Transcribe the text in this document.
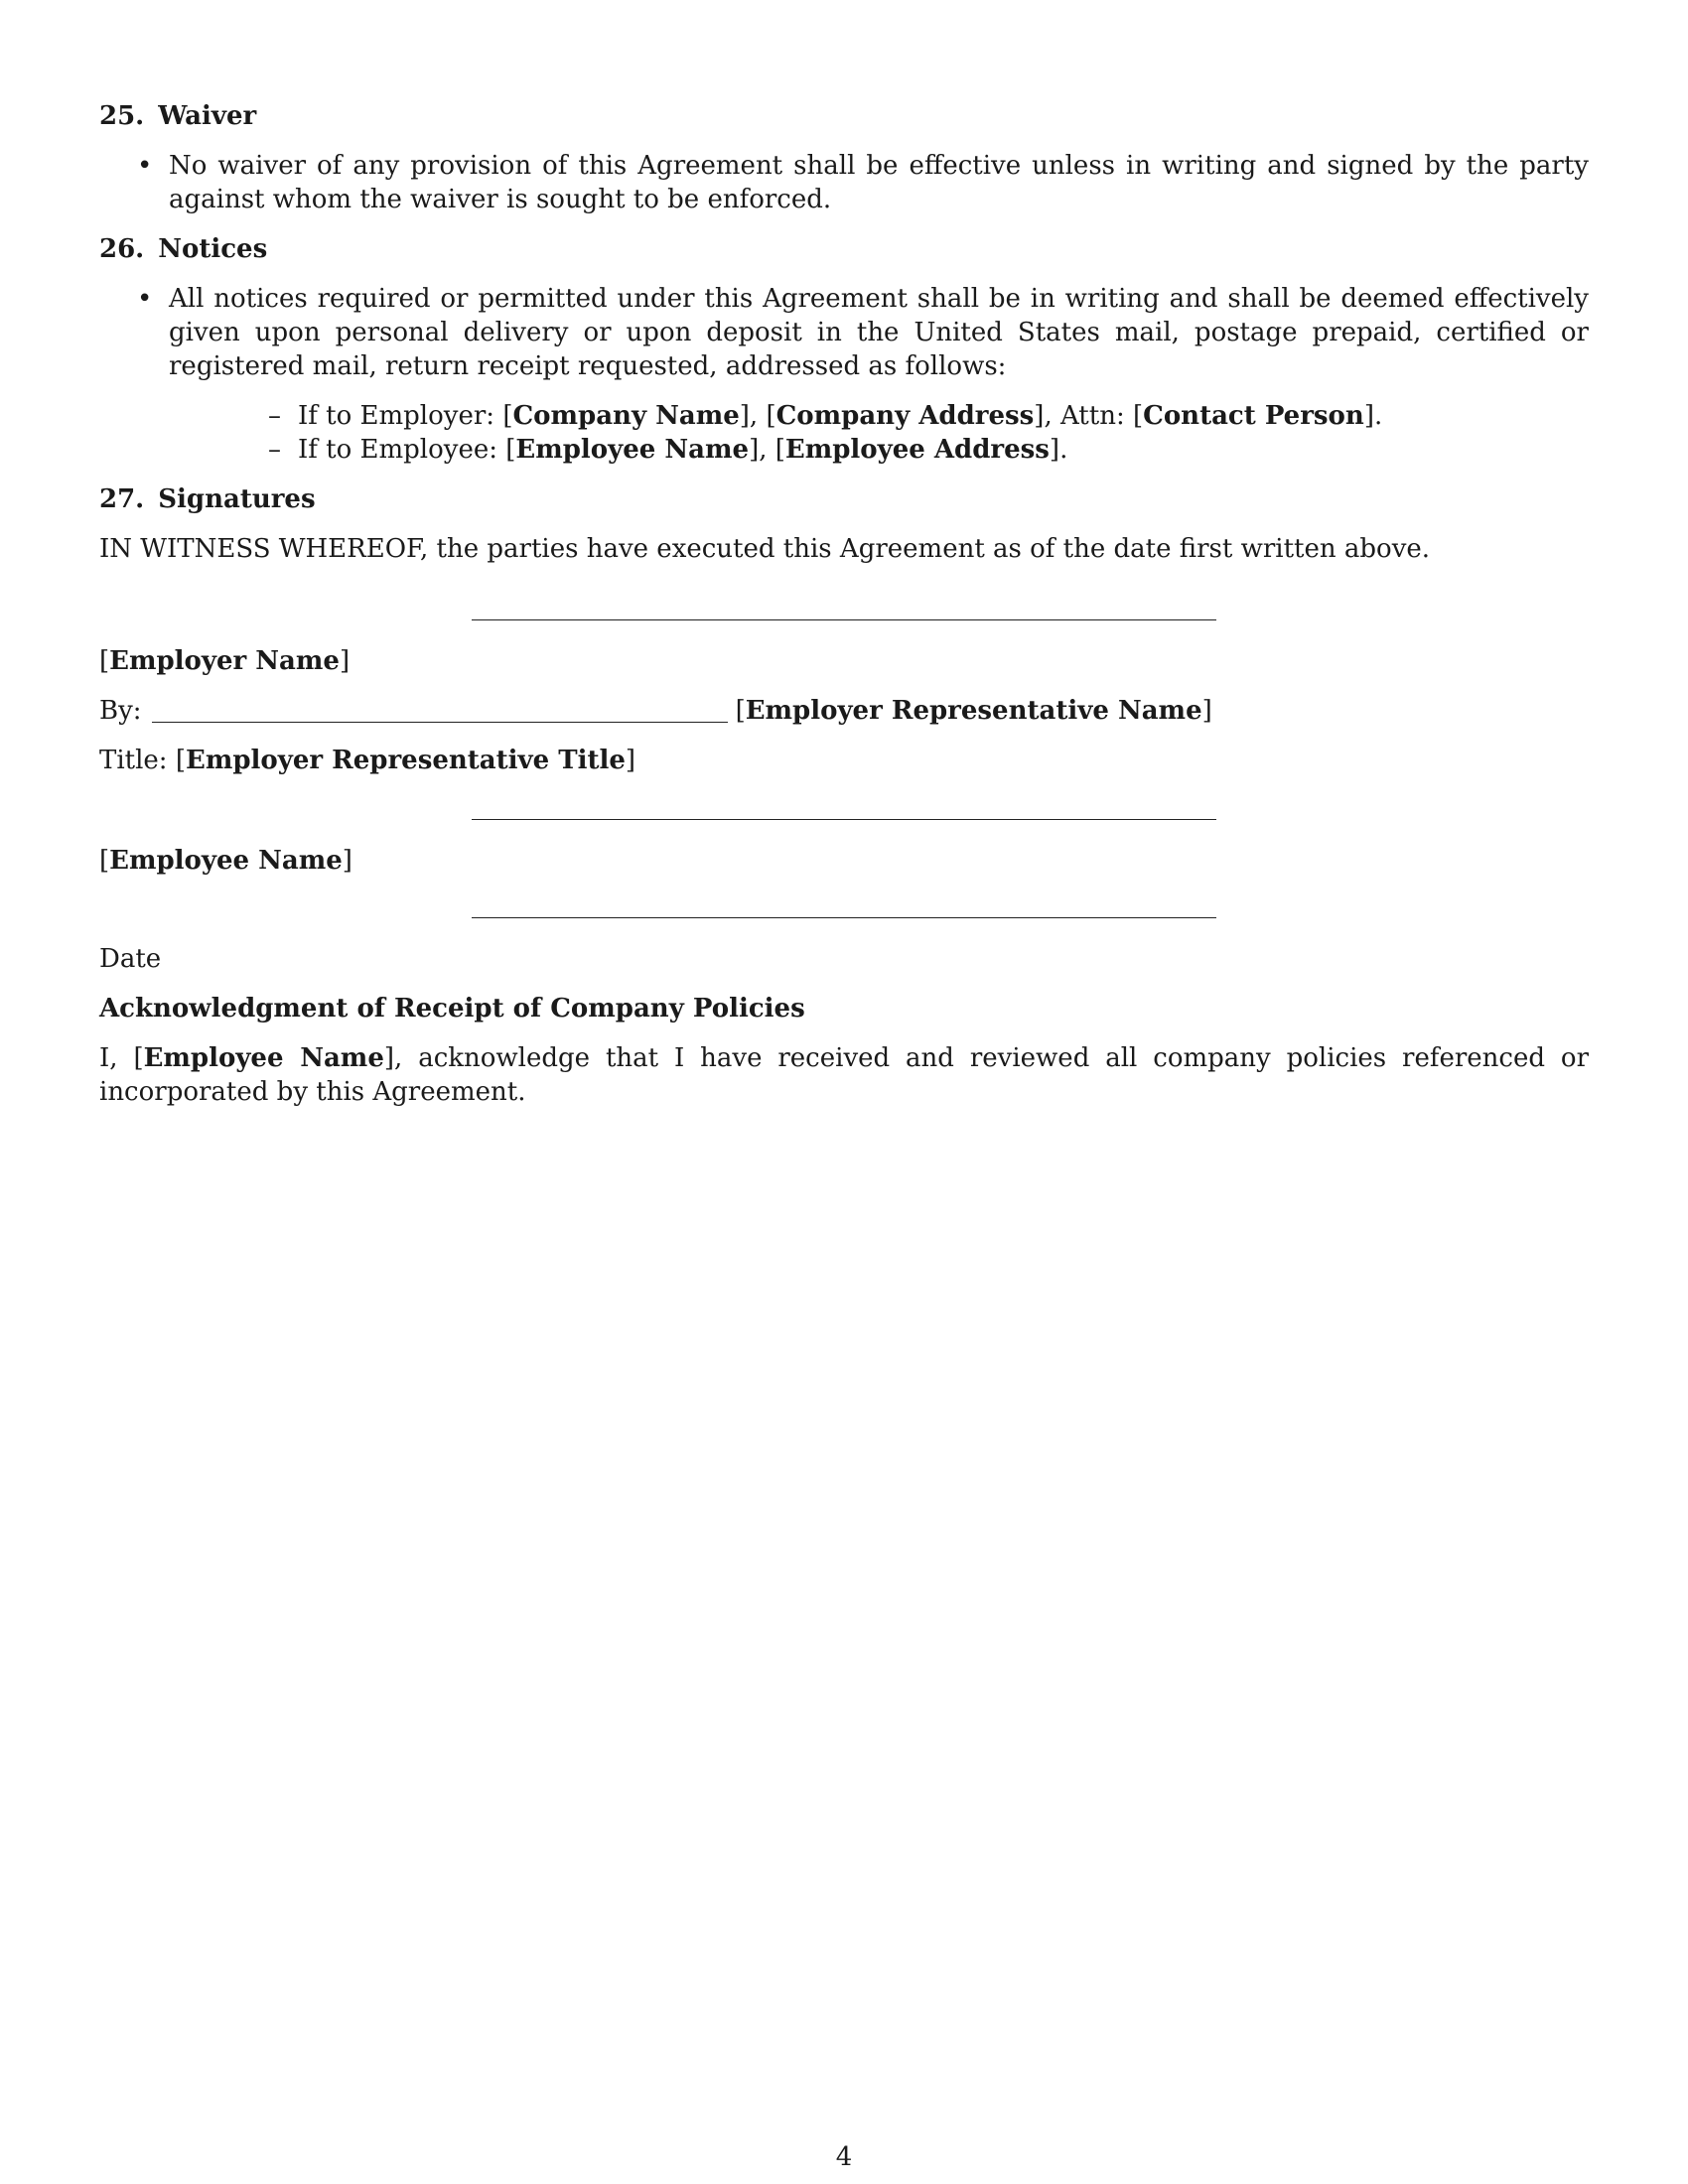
25. Waiver
• No waiver of any provision of this Agreement shall be effective unless in writing and signed by the party against whom the waiver is sought to be enforced.
26. Notices
• All notices required or permitted under this Agreement shall be in writing and shall be deemed effectively given upon personal delivery or upon deposit in the United States mail, postage prepaid, certified or registered mail, return receipt requested, addressed as follows:
– If to Employer: [Company Name], [Company Address], Attn: [Contact Person].
– If to Employee: [Employee Name], [Employee Address].
27. Signatures

IN WITNESS WHEREOF, the parties have executed this Agreement as of the date first written above.

[Employer Name]
By:	[Employer Representative Name]
Title: [Employer Representative Title]
[Employee Name]
Date
Acknowledgment of Receipt of Company Policies

I, [Employee Name], acknowledge that I have received and reviewed all company policies referenced or incorporated by this Agreement.

4
